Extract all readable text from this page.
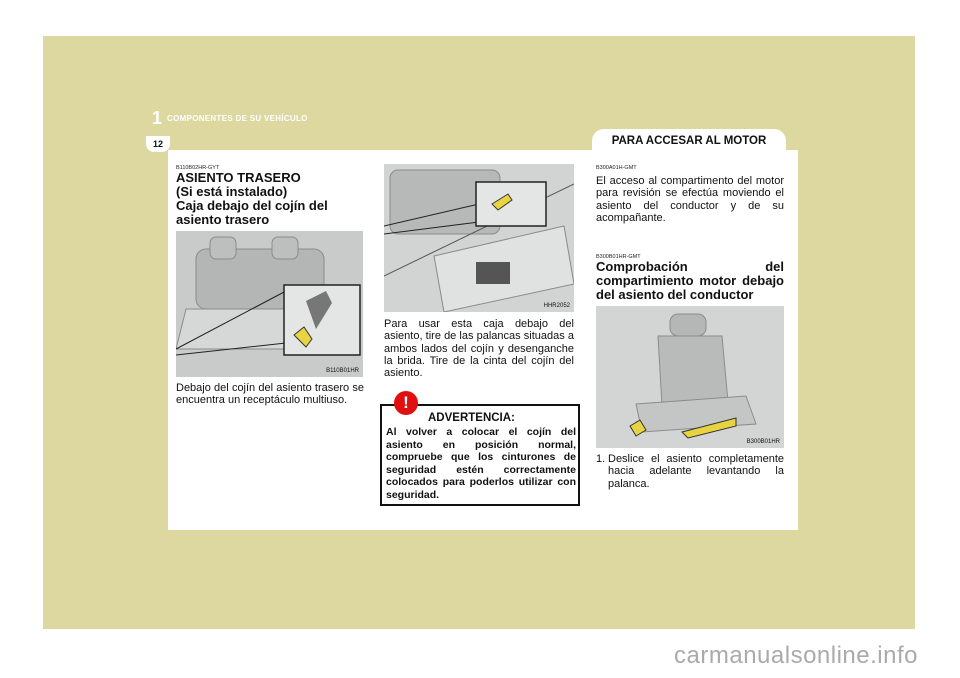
1 COMPONENTES DE SU VEHÍCULO
12	PARA ACCESAR AL MOTOR
B110B02HR-GYT
ASIENTO TRASERO
(Si está instalado)
Caja debajo del cojín del asiento trasero
B110B01HR
Debajo del cojín del asiento trasero se encuentra un receptáculo multiuso.
HHR2052
Para usar esta caja debajo del asiento, tire de las palancas situadas a ambos lados del cojín y desenganche la brida. Tire de la cinta del cojín del asiento.
!
ADVERTENCIA:
Al volver a colocar el cojín del asiento en posición normal, compruebe que los cinturones de seguridad estén correctamente colocados para poderlos utilizar con seguridad.
B300A01H-GMT
El acceso al compartimento del motor para revisión se efectúa moviendo el asiento del conductor y de su acompañante.
B300B01HR-GMT
Comprobación del compartimiento motor debajo del asiento del conductor
B300B01HR
1. Deslice el asiento completamente hacia adelante levantando la palanca.
carmanualsonline.info
